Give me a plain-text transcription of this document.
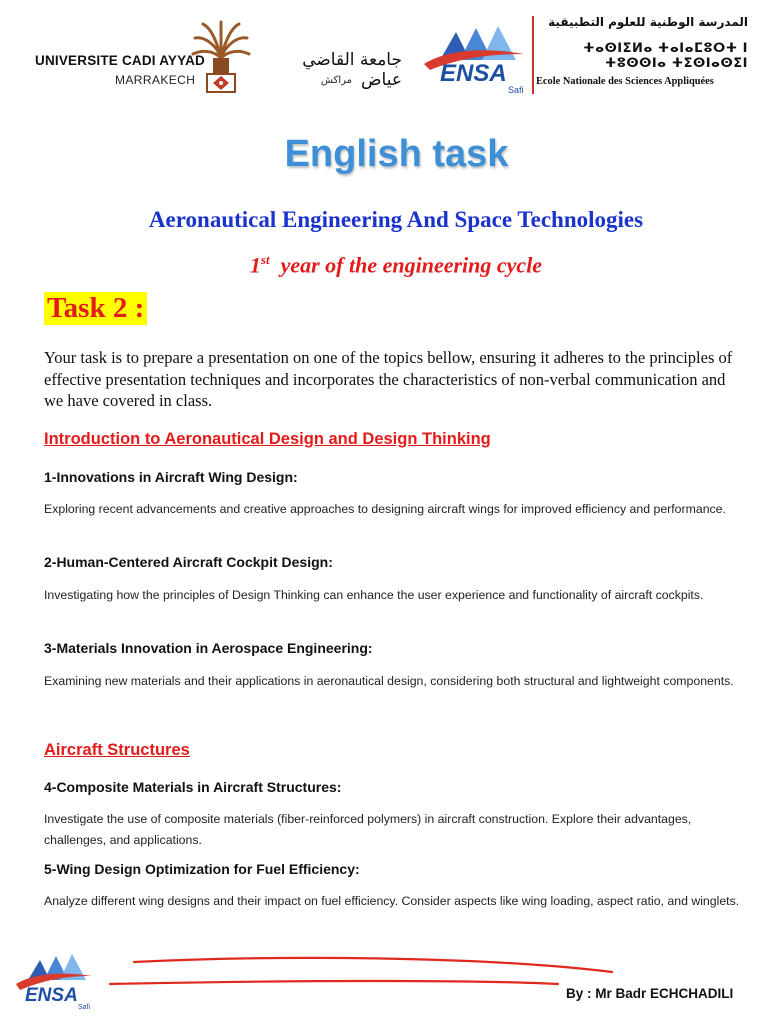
UNIVERSITE CADI AYYAD
MARRAKECH
جامعة القاضي عياض
مراكش	ENSA
Safi
المدرسة الوطنية للعلوم التطبيقية
ⵜⴰⵙⵏⵉⵍⴰ ⵜⴰⵏⴰⵎⵓⵔⵜ ⵏ ⵜⵓⵙⵙⵏⴰ ⵜⵉⵙⵏⴰⵙⵉⵏ
Ecole Nationale des Sciences Appliquées
English task
Aeronautical Engineering And Space Technologies
1st  year of the engineering cycle
Task 2 :
Your task is to prepare a presentation on one of the topics bellow, ensuring it adheres to the principles of effective presentation techniques and incorporates the characteristics of non-verbal communication and we have covered in class.
Introduction to Aeronautical Design and Design Thinking
1-Innovations in Aircraft Wing Design:
Exploring recent advancements and creative approaches to designing aircraft wings for improved efficiency and performance.
2-Human-Centered Aircraft Cockpit Design:
Investigating how the principles of Design Thinking can enhance the user experience and functionality of aircraft cockpits.
3-Materials Innovation in Aerospace Engineering:
Examining new materials and their applications in aeronautical design, considering both structural and lightweight components.
Aircraft Structures
4-Composite Materials in Aircraft Structures:
Investigate the use of composite materials (fiber-reinforced polymers) in aircraft construction. Explore their advantages, challenges, and applications.
5-Wing Design Optimization for Fuel Efficiency:
Analyze different wing designs and their impact on fuel efficiency. Consider aspects like wing loading, aspect ratio, and winglets.
ENSA
Safi
By : Mr Badr ECHCHADILI
